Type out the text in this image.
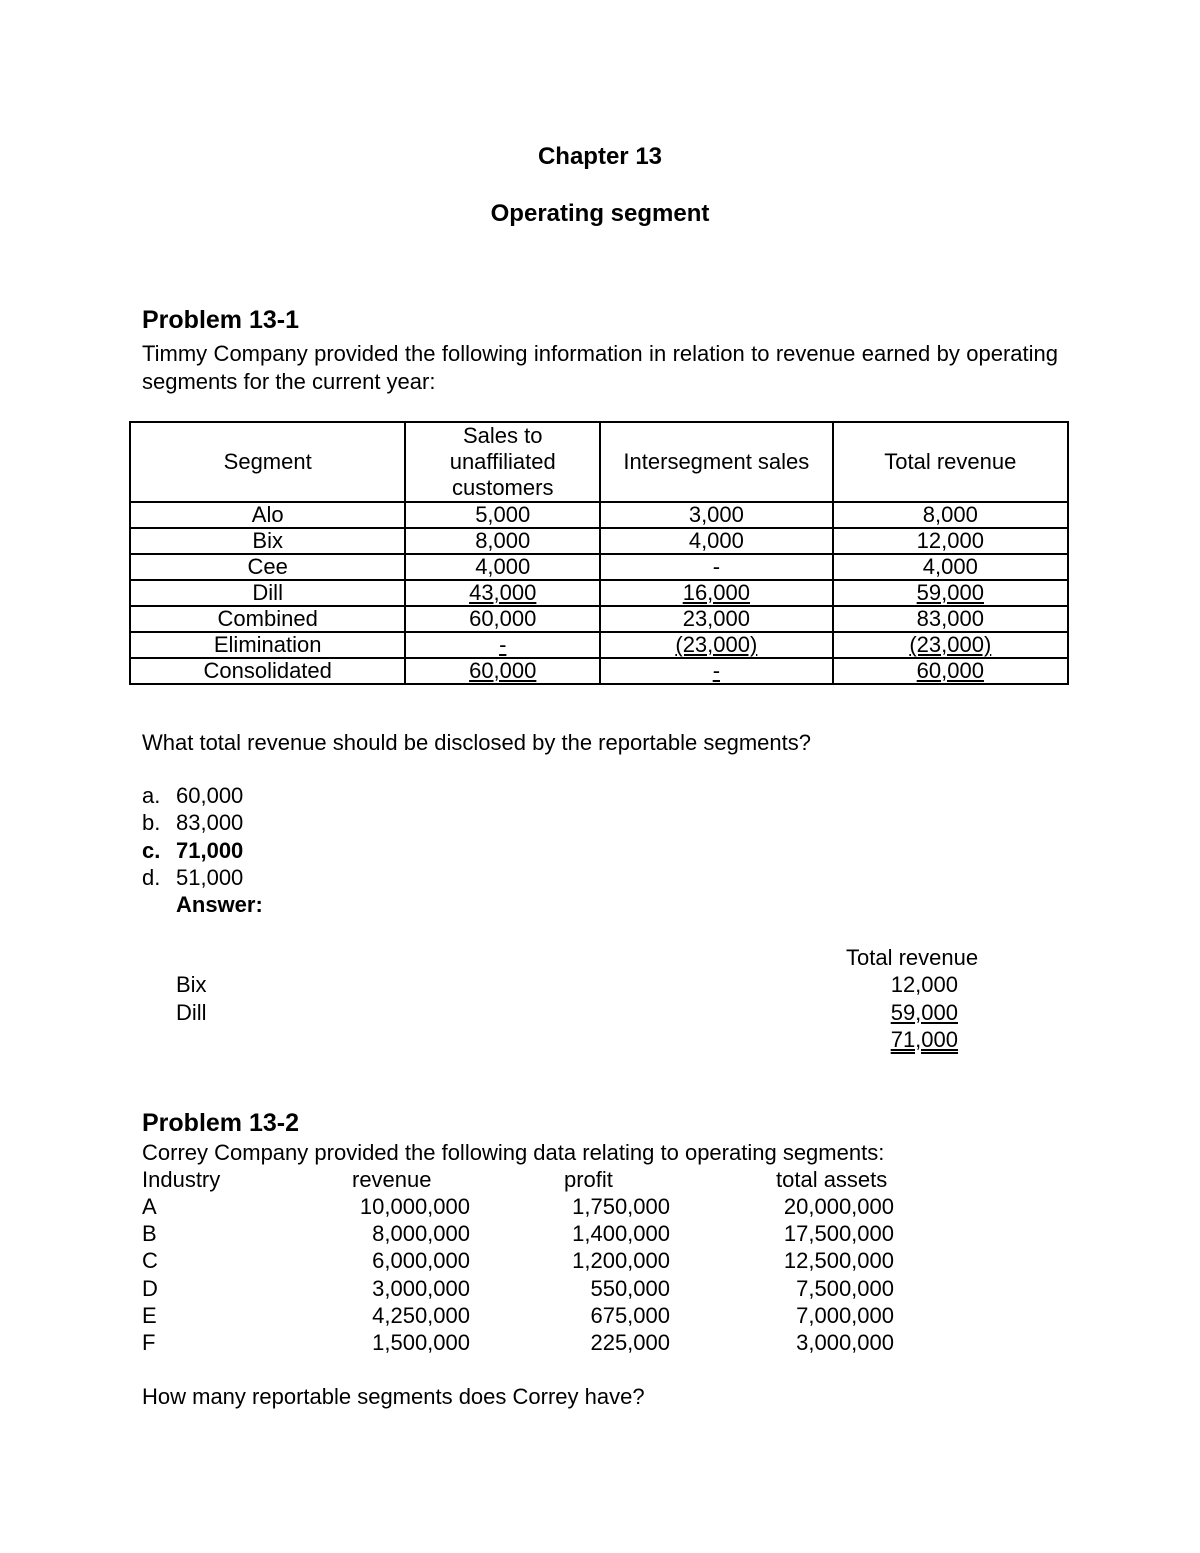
Chapter 13
Operating segment
Problem 13-1
Timmy Company provided the following information in relation to revenue earned by operating segments for the current year:
Segment	Sales to unaffiliated customers	Intersegment sales	Total revenue
Alo	5,000	3,000	8,000
Bix	8,000	4,000	12,000
Cee	4,000	-	4,000
Dill	43,000	16,000	59,000
Combined	60,000	23,000	83,000
Elimination	-	(23,000)	(23,000)
Consolidated	60,000	-	60,000
What total revenue should be disclosed by the reportable segments?
a. 60,000
b. 83,000
c. 71,000
d. 51,000
Answer:
Total revenue
Bix	12,000
Dill	59,000
71,000
Problem 13-2
Correy Company provided the following data relating to operating segments:
Industry	revenue	profit	total assets
A	10,000,000	1,750,000	20,000,000
B	8,000,000	1,400,000	17,500,000
C	6,000,000	1,200,000	12,500,000
D	3,000,000	550,000	7,500,000
E	4,250,000	675,000	7,000,000
F	1,500,000	225,000	3,000,000
How many reportable segments does Correy have?
